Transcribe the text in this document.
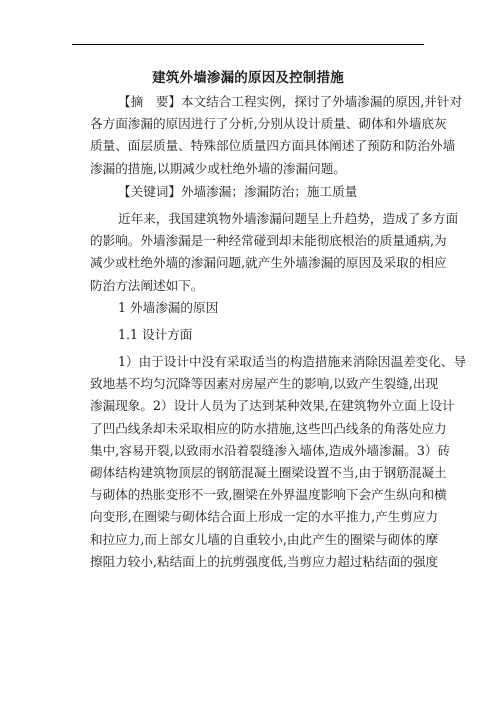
建筑外墙渗漏的原因及控制措施
【摘　要】本文结合工程实例，探讨了外墙渗漏的原因,并针对
各方面渗漏的原因进行了分析,分别从设计质量、砌体和外墙底灰
质量、面层质量、特殊部位质量四方面具体阐述了预防和防治外墙
渗漏的措施,以期减少或杜绝外墙的渗漏问题。
【关键词】外墙渗漏；渗漏防治；施工质量
近年来，我国建筑物外墙渗漏问题呈上升趋势，造成了多方面
的影响。外墙渗漏是一种经常碰到却未能彻底根治的质量通病,为
减少或杜绝外墙的渗漏问题,就产生外墙渗漏的原因及采取的相应
防治方法阐述如下。
1 外墙渗漏的原因
1.1 设计方面
1）由于设计中没有采取适当的构造措施来消除因温差变化、导
致地基不均匀沉降等因素对房屋产生的影响,以致产生裂缝,出现
渗漏现象。2）设计人员为了达到某种效果,在建筑物外立面上设计
了凹凸线条却未采取相应的防水措施,这些凹凸线条的角落处应力
集中,容易开裂,以致雨水沿着裂缝渗入墙体,造成外墙渗漏。3）砖
砌体结构建筑物顶层的钢筋混凝土圈梁设置不当,由于钢筋混凝土
与砌体的热胀变形不一致,圈梁在外界温度影响下会产生纵向和横
向变形,在圈梁与砌体结合面上形成一定的水平推力,产生剪应力
和拉应力,而上部女儿墙的自重较小,由此产生的圈梁与砌体的摩
擦阻力较小,粘结面上的抗剪强度低,当剪应力超过粘结面的强度
